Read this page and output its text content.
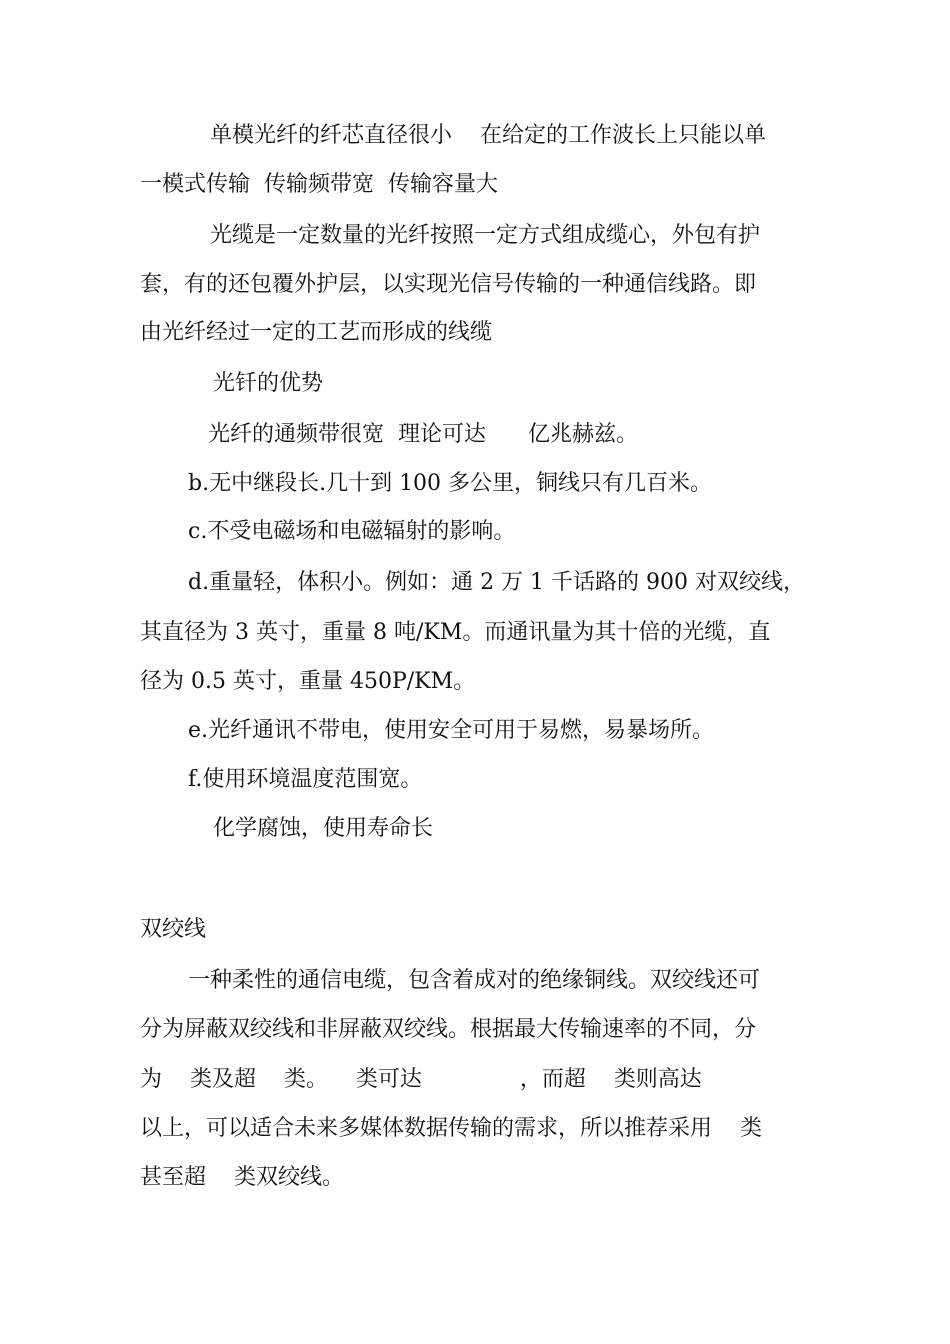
单模光纤的纤芯直径很小    在给定的工作波长上只能以单
一模式传输  传输频带宽  传输容量大
光缆是一定数量的光纤按照一定方式组成缆心，外包有护
套，有的还包覆外护层，以实现光信号传输的一种通信线路。即
由光纤经过一定的工艺而形成的线缆
光钎的优势
光纤的通频带很宽  理论可达      亿兆赫兹。
b.无中继段长.几十到 100 多公里，铜线只有几百米。
c.不受电磁场和电磁辐射的影响。
d.重量轻，体积小。例如：通 2 万 1 千话路的 900 对双绞线，
其直径为 3 英寸，重量 8 吨/KM。而通讯量为其十倍的光缆，直
径为 0.5 英寸，重量 450P/KM。
e.光纤通讯不带电，使用安全可用于易燃，易暴场所。
f.使用环境温度范围宽。
化学腐蚀，使用寿命长
双绞线
一种柔性的通信电缆，包含着成对的绝缘铜线。双绞线还可
分为屏蔽双绞线和非屏蔽双绞线。根据最大传输速率的不同，分
为    类及超    类。    类可达              ，而超    类则高达
以上，可以适合未来多媒体数据传输的需求，所以推荐采用    类
甚至超    类双绞线。
